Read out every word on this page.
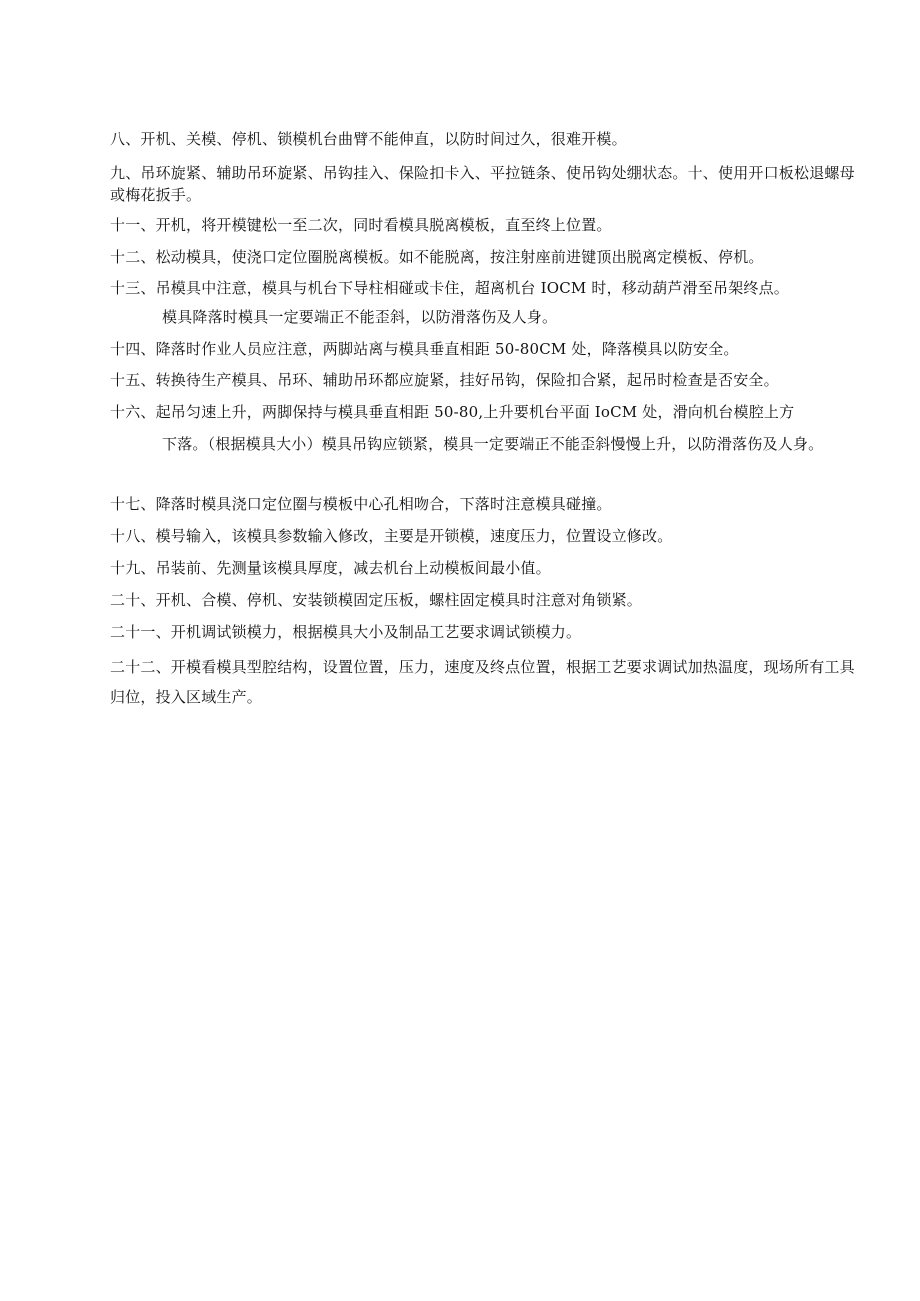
八、开机、关模、停机、锁模机台曲臂不能伸直，以防时间过久，很难开模。
九、吊环旋紧、辅助吊环旋紧、吊钩挂入、保险扣卡入、平拉链条、使吊钩处绷状态。十、使用开口板松退螺母或梅花扳手。
十一、开机，将开模键松一至二次，同时看模具脱离模板，直至终上位置。
十二、松动模具，使浇口定位圈脱离模板。如不能脱离，按注射座前进键顶出脱离定模板、停机。
十三、吊模具中注意，模具与机台下导柱相碰或卡住，超离机台 IOCM 时，移动葫芦滑至吊架终点。
模具降落时模具一定要端正不能歪斜，以防滑落伤及人身。
十四、降落时作业人员应注意，两脚站离与模具垂直相距 50-80CM 处，降落模具以防安全。
十五、转换待生产模具、吊环、辅助吊环都应旋紧，挂好吊钩，保险扣合紧，起吊时检查是否安全。
十六、起吊匀速上升，两脚保持与模具垂直相距 50-80,上升要机台平面 IoCM 处，滑向机台模腔上方
下落。（根据模具大小）模具吊钩应锁紧，模具一定要端正不能歪斜慢慢上升，以防滑落伤及人身。
十七、降落时模具浇口定位圈与模板中心孔相吻合，下落时注意模具碰撞。
十八、模号输入，该模具参数输入修改，主要是开锁模，速度压力，位置设立修改。
十九、吊装前、先测量该模具厚度，减去机台上动模板间最小值。
二十、开机、合模、停机、安装锁模固定压板，螺柱固定模具时注意对角锁紧。
二十一、开机调试锁模力，根据模具大小及制品工艺要求调试锁模力。
二十二、开模看模具型腔结构，设置位置，压力，速度及终点位置，根据工艺要求调试加热温度，现场所有工具归位，投入区域生产。
